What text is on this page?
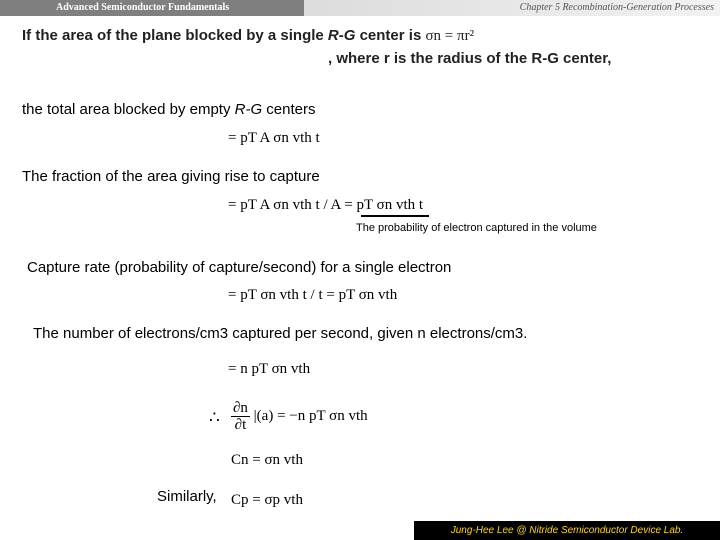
Advanced Semiconductor Fundamentals	Chapter 5 Recombination-Generation Processes
If the area of the plane blocked by a single R-G center is σn = πr²
, where r is the radius of the R-G center,
the total area blocked by empty R-G centers
= pT A σn vth t
The fraction of the area giving rise to capture
= pT A σn vth t / A = pT σn vth t
The probability of electron captured in the volume
Capture rate (probability of capture/second) for a single electron
= pT σn vth t / t = pT σn vth
The number of electrons/cm3 captured per second, given n electrons/cm3.
= n pT σn vth
∴ $\frac{\partial n}{\partial t} |(a) = -n$ pT σn vth
Cn = σn vth
Similarly, Cp = σp vth
Jung-Hee Lee @ Nitride Semiconductor Device Lab.
